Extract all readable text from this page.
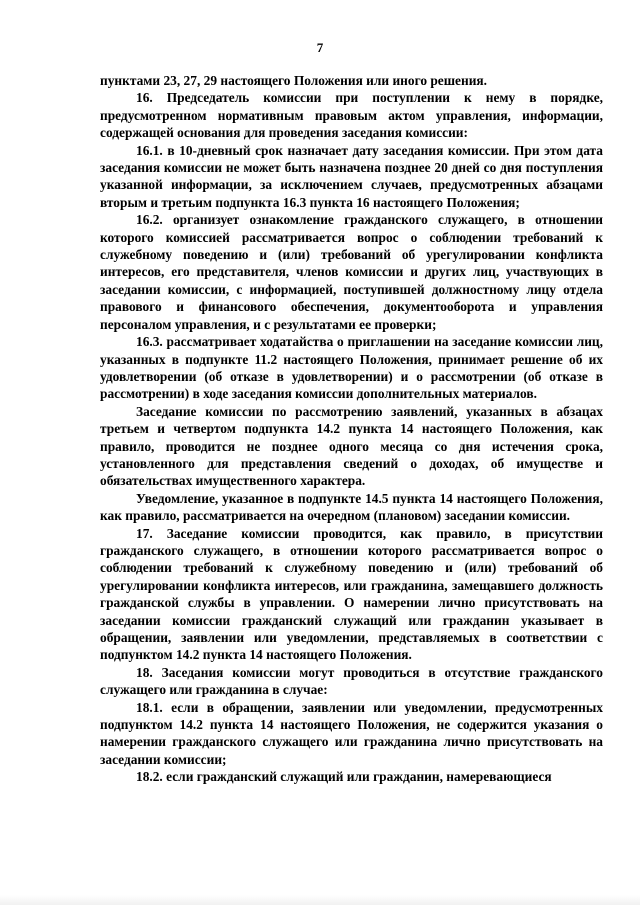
7

пунктами 23, 27, 29 настоящего Положения или иного решения.

16. Председатель комиссии при поступлении к нему в порядке, предусмотренном нормативным правовым актом управления, информации, содержащей основания для проведения заседания комиссии:

16.1. в 10-дневный срок назначает дату заседания комиссии. При этом дата заседания комиссии не может быть назначена позднее 20 дней со дня поступления указанной информации, за исключением случаев, предусмотренных абзацами вторым и третьим подпункта 16.3 пункта 16 настоящего Положения;

16.2. организует ознакомление гражданского служащего, в отношении которого комиссией рассматривается вопрос о соблюдении требований к служебному поведению и (или) требований об урегулировании конфликта интересов, его представителя, членов комиссии и других лиц, участвующих в заседании комиссии, с информацией, поступившей должностному лицу отдела правового и финансового обеспечения, документооборота и управления персоналом управления, и с результатами ее проверки;

16.3. рассматривает ходатайства о приглашении на заседание комиссии лиц, указанных в подпункте 11.2 настоящего Положения, принимает решение об их удовлетворении (об отказе в удовлетворении) и о рассмотрении (об отказе в рассмотрении) в ходе заседания комиссии дополнительных материалов.

Заседание комиссии по рассмотрению заявлений, указанных в абзацах третьем и четвертом подпункта 14.2 пункта 14 настоящего Положения, как правило, проводится не позднее одного месяца со дня истечения срока, установленного для представления сведений о доходах, об имуществе и обязательствах имущественного характера.

Уведомление, указанное в подпункте 14.5 пункта 14 настоящего Положения, как правило, рассматривается на очередном (плановом) заседании комиссии.

17. Заседание комиссии проводится, как правило, в присутствии гражданского служащего, в отношении которого рассматривается вопрос о соблюдении требований к служебному поведению и (или) требований об урегулировании конфликта интересов, или гражданина, замещавшего должность гражданской службы в управлении. О намерении лично присутствовать на заседании комиссии гражданский служащий или гражданин указывает в обращении, заявлении или уведомлении, представляемых в соответствии с подпунктом 14.2 пункта 14 настоящего Положения.

18. Заседания комиссии могут проводиться в отсутствие гражданского служащего или гражданина в случае:

18.1. если в обращении, заявлении или уведомлении, предусмотренных подпунктом 14.2 пункта 14 настоящего Положения, не содержится указания о намерении гражданского служащего или гражданина лично присутствовать на заседании комиссии;

18.2. если гражданский служащий или гражданин, намеревающиеся
